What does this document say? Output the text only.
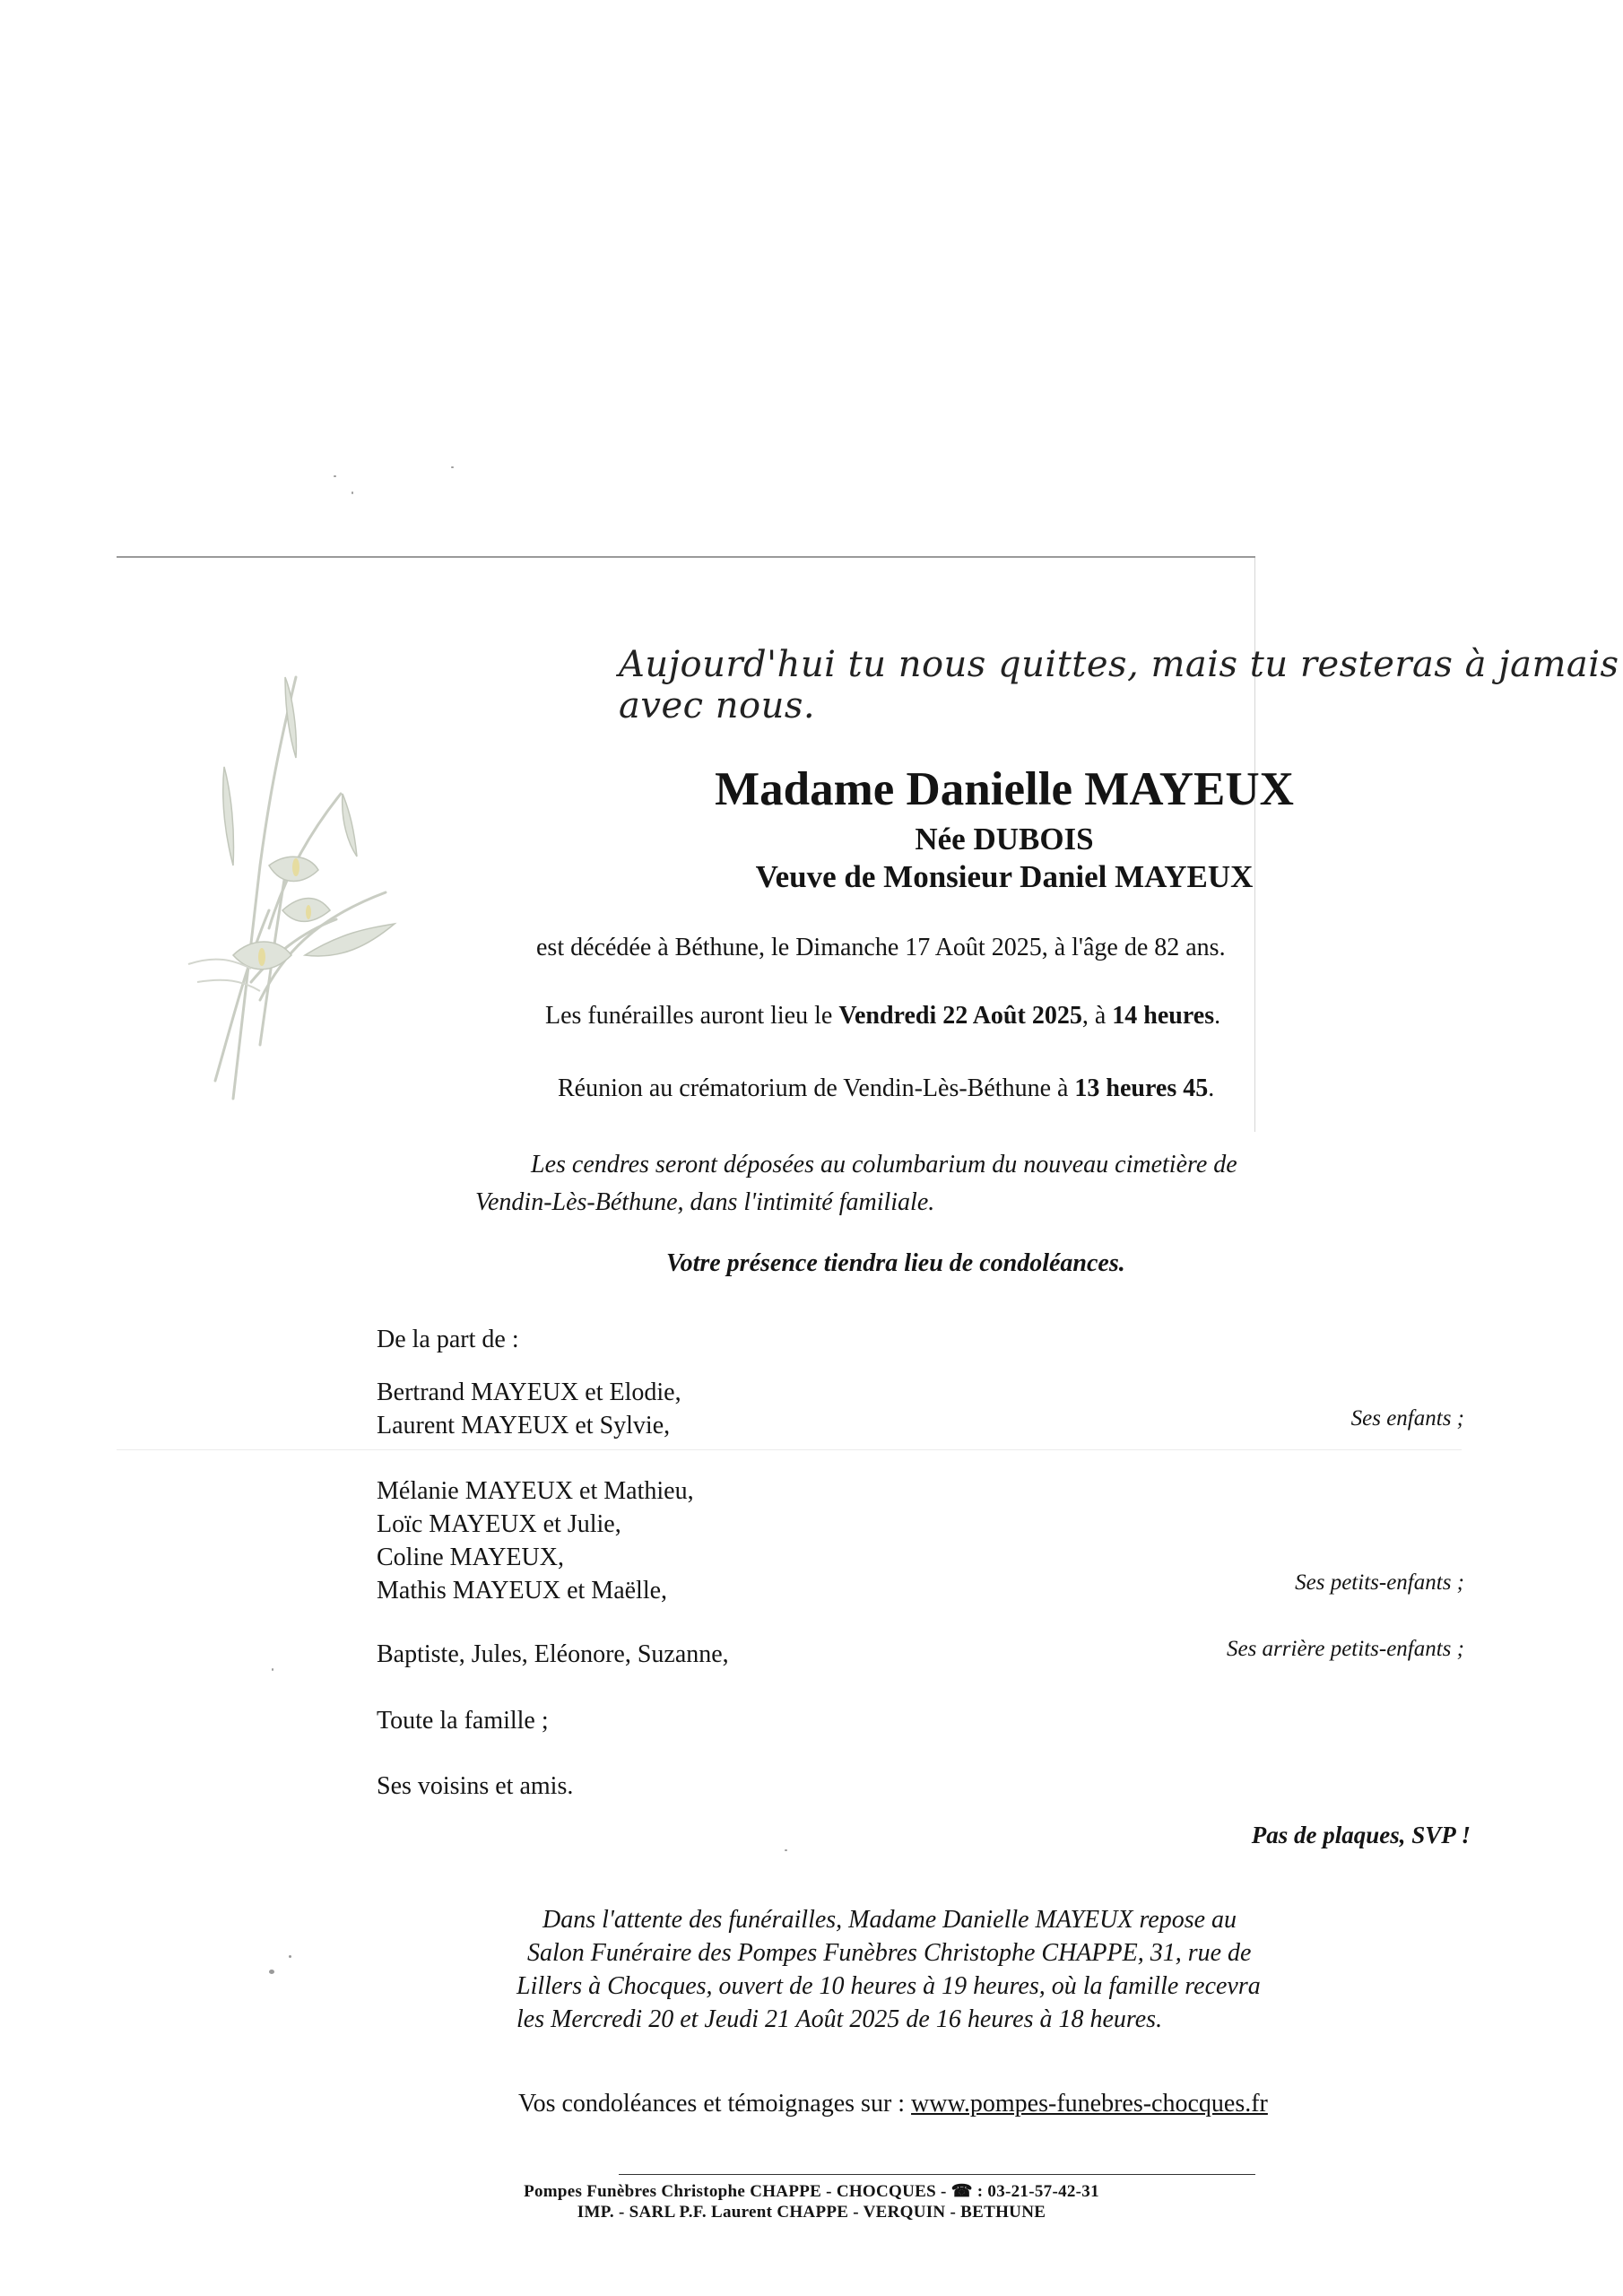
Aujourd'hui tu nous quittes, mais tu resteras à jamais avec nous.
Madame Danielle MAYEUX
Née DUBOIS
Veuve de Monsieur Daniel MAYEUX
est décédée à Béthune, le Dimanche 17 Août 2025, à l'âge de 82 ans.
Les funérailles auront lieu le Vendredi 22 Août 2025, à 14 heures.
Réunion au crématorium de Vendin-Lès-Béthune à 13 heures 45.
Les cendres seront déposées au columbarium du nouveau cimetière de
Vendin-Lès-Béthune, dans l'intimité familiale.
Votre présence tiendra lieu de condoléances.
De la part de :
Bertrand MAYEUX et Elodie,
Laurent MAYEUX et Sylvie,	Ses enfants ;
Mélanie MAYEUX et Mathieu,
Loïc MAYEUX et Julie,
Coline MAYEUX,
Mathis MAYEUX et Maëlle,	Ses petits-enfants ;
Baptiste, Jules, Eléonore, Suzanne,	Ses arrière petits-enfants ;
Toute la famille ;
Ses voisins et amis.
Pas de plaques, SVP !
Dans l'attente des funérailles, Madame Danielle MAYEUX repose au
Salon Funéraire des Pompes Funèbres Christophe CHAPPE, 31, rue de
Lillers à Chocques, ouvert de 10 heures à 19 heures, où la famille recevra
les Mercredi 20 et Jeudi 21 Août 2025 de 16 heures à 18 heures.
Vos condoléances et témoignages sur : www.pompes-funebres-chocques.fr
Pompes Funèbres Christophe CHAPPE - CHOCQUES - ☎ : 03-21-57-42-31
IMP. - SARL P.F. Laurent CHAPPE - VERQUIN - BETHUNE
